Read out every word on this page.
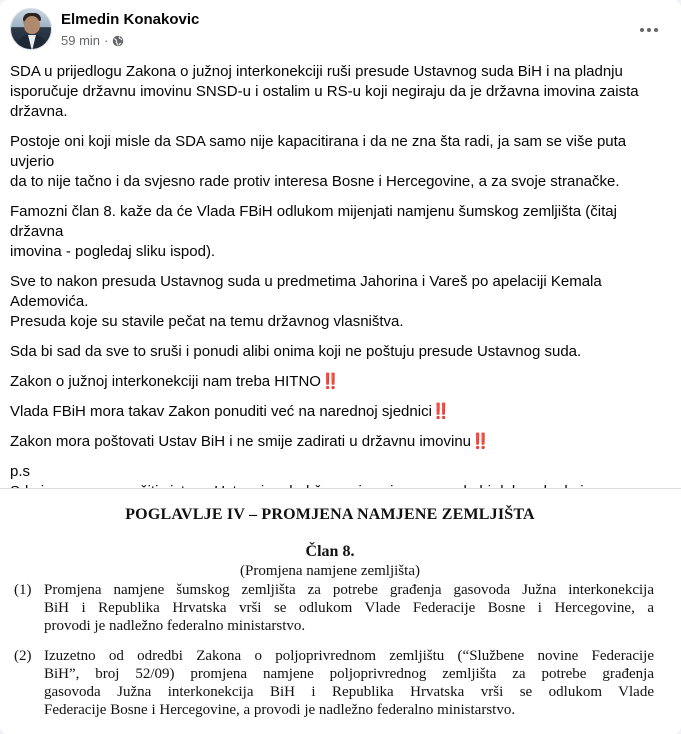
Elmedin Konakovic
59 min ·
SDA u prijedlogu Zakona o južnoj interkonekciji ruši presude Ustavnog suda BiH i na pladnju
isporučuje državnu imovinu SNSD-u i ostalim u RS-u koji negiraju da je državna imovina zaista
državna.
Postoje oni koji misle da SDA samo nije kapacitirana i da ne zna šta radi, ja sam se više puta uvjerio
da to nije tačno i da svjesno rade protiv interesa Bosne i Hercegovine, a za svoje stranačke.
Famozni član 8. kaže da će Vlada FBiH odlukom mijenjati namjenu šumskog zemljišta (čitaj državna
imovina - pogledaj sliku ispod).
Sve to nakon presuda Ustavnog suda u predmetima Jahorina i Vareš po apelaciji Kemala
Ademovića.
Presuda koje su stavile pečat na temu državnog vlasništva.
Sda bi sad da sve to sruši i ponudi alibi onima koji ne poštuju presude Ustavnog suda.
Zakon o južnoj interkonekciji nam treba HITNO‼️
Vlada FBiH mora takav Zakon ponuditi već na narednoj sjednici‼️
Zakon mora poštovati Ustav BiH i ne smije zadirati u državnu imovinu‼️
p.s
POGLAVLJE IV – PROMJENA NAMJENE ZEMLJIŠTA
Član 8.
(Promjena namjene zemljišta)
(1) Promjena namjene šumskog zemljišta za potrebe građenja gasovoda Južna interkonekcija
BiH i Republika Hrvatska vrši se odlukom Vlade Federacije Bosne i Hercegovine, a
provodi je nadležno federalno ministarstvo.
(2) Izuzetno od odredbi Zakona o poljoprivrednom zemljištu (“Službene novine Federacije
BiH”, broj 52/09) promjena namjene poljoprivrednog zemljišta za potrebe građenja
gasovoda Južna interkonekcija BiH i Republika Hrvatska vrši se odlukom Vlade
Federacije Bosne i Hercegovine, a provodi je nadležno federalno ministarstvo.
